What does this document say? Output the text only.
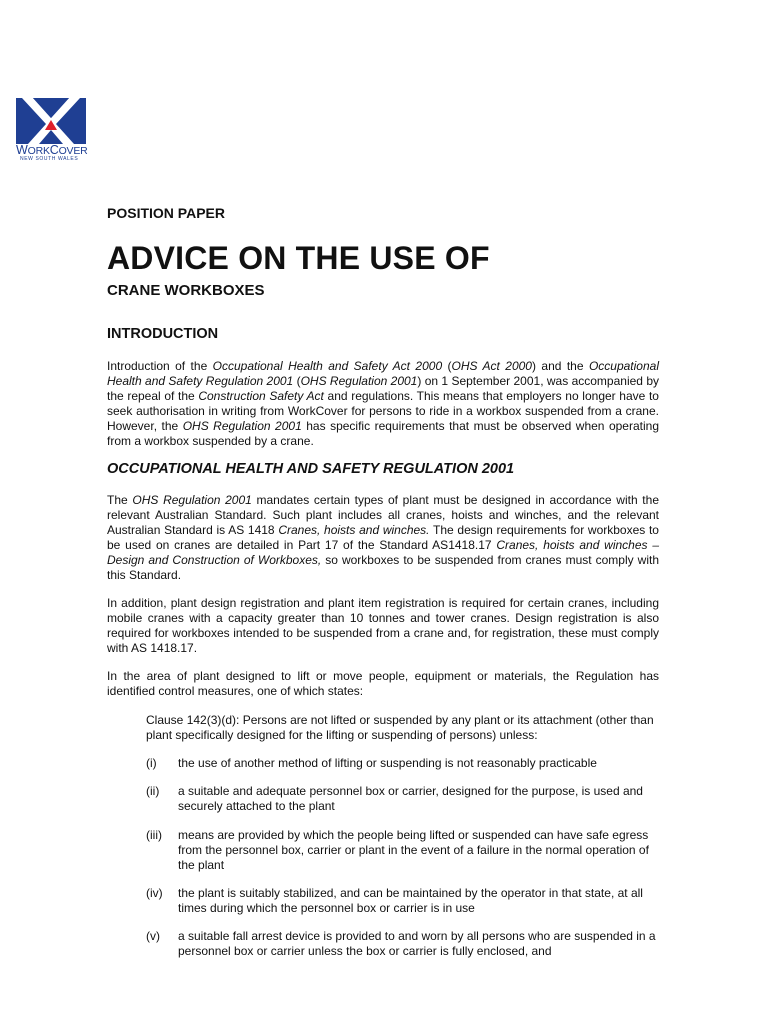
WORKCOVER
NEW SOUTH WALES

POSITION PAPER

ADVICE ON THE USE OF
CRANE WORKBOXES
INTRODUCTION

Introduction of the Occupational Health and Safety Act 2000 (OHS Act 2000) and the Occupational Health and Safety Regulation 2001 (OHS Regulation 2001) on 1 September 2001, was accompanied by the repeal of the Construction Safety Act and regulations. This means that employers no longer have to seek authorisation in writing from WorkCover for persons to ride in a workbox suspended from a crane. However, the OHS Regulation 2001 has specific requirements that must be observed when operating from a workbox suspended by a crane.

OCCUPATIONAL HEALTH AND SAFETY REGULATION 2001

The OHS Regulation 2001 mandates certain types of plant must be designed in accordance with the relevant Australian Standard. Such plant includes all cranes, hoists and winches, and the relevant Australian Standard is AS 1418 Cranes, hoists and winches. The design requirements for workboxes to be used on cranes are detailed in Part 17 of the Standard AS1418.17 Cranes, hoists and winches – Design and Construction of Workboxes, so workboxes to be suspended from cranes must comply with this Standard.

In addition, plant design registration and plant item registration is required for certain cranes, including mobile cranes with a capacity greater than 10 tonnes and tower cranes. Design registration is also required for workboxes intended to be suspended from a crane and, for registration, these must comply with AS 1418.17.

In the area of plant designed to lift or move people, equipment or materials, the Regulation has identified control measures, one of which states:

Clause 142(3)(d): Persons are not lifted or suspended by any plant or its attachment (other than plant specifically designed for the lifting or suspending of persons) unless:

(i) the use of another method of lifting or suspending is not reasonably practicable
(ii) a suitable and adequate personnel box or carrier, designed for the purpose, is used and securely attached to the plant
(iii) means are provided by which the people being lifted or suspended can have safe egress from the personnel box, carrier or plant in the event of a failure in the normal operation of the plant
(iv) the plant is suitably stabilized, and can be maintained by the operator in that state, at all times during which the personnel box or carrier is in use
(v) a suitable fall arrest device is provided to and worn by all persons who are suspended in a personnel box or carrier unless the box or carrier is fully enclosed, and
